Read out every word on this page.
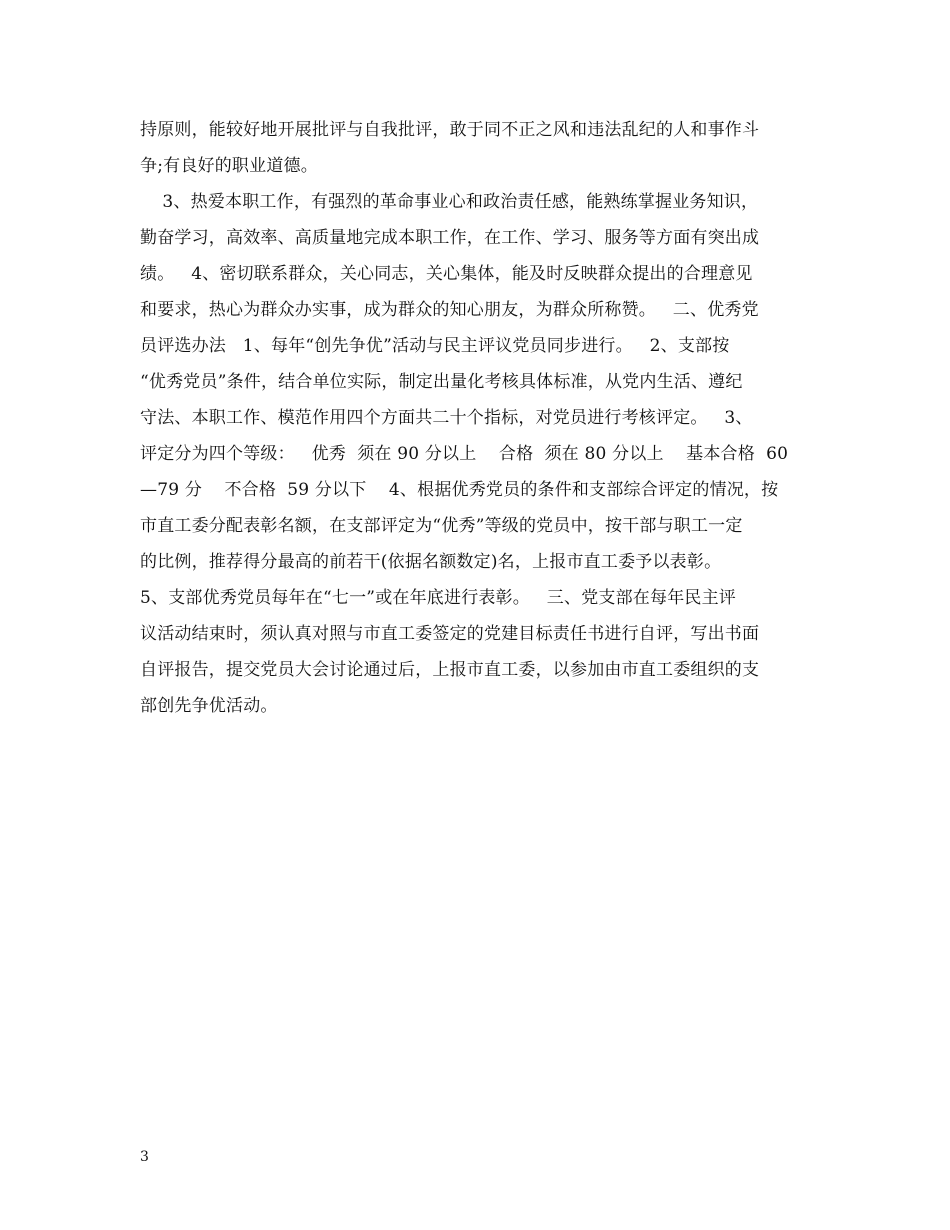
持原则，能较好地开展批评与自我批评，敢于同不正之风和违法乱纪的人和事作斗
争;有良好的职业道德。
3、热爱本职工作，有强烈的革命事业心和政治责任感，能熟练掌握业务知识，
勤奋学习，高效率、高质量地完成本职工作，在工作、学习、服务等方面有突出成
绩。   4、密切联系群众，关心同志，关心集体，能及时反映群众提出的合理意见
和要求，热心为群众办实事，成为群众的知心朋友，为群众所称赞。   二、优秀党
员评选办法   1、每年“创先争优”活动与民主评议党员同步进行。   2、支部按
“优秀党员”条件，结合单位实际，制定出量化考核具体标准，从党内生活、遵纪
守法、本职工作、模范作用四个方面共二十个指标，对党员进行考核评定。   3、
评定分为四个等级：   优秀  须在 90 分以上    合格  须在 80 分以上    基本合格  60
—79 分    不合格  59 分以下    4、根据优秀党员的条件和支部综合评定的情况，按
市直工委分配表彰名额，在支部评定为“优秀”等级的党员中，按干部与职工一定
的比例，推荐得分最高的前若干(依据名额数定)名，上报市直工委予以表彰。
5、支部优秀党员每年在“七一”或在年底进行表彰。   三、党支部在每年民主评
议活动结束时，须认真对照与市直工委签定的党建目标责任书进行自评，写出书面
自评报告，提交党员大会讨论通过后，上报市直工委，以参加由市直工委组织的支
部创先争优活动。
3
